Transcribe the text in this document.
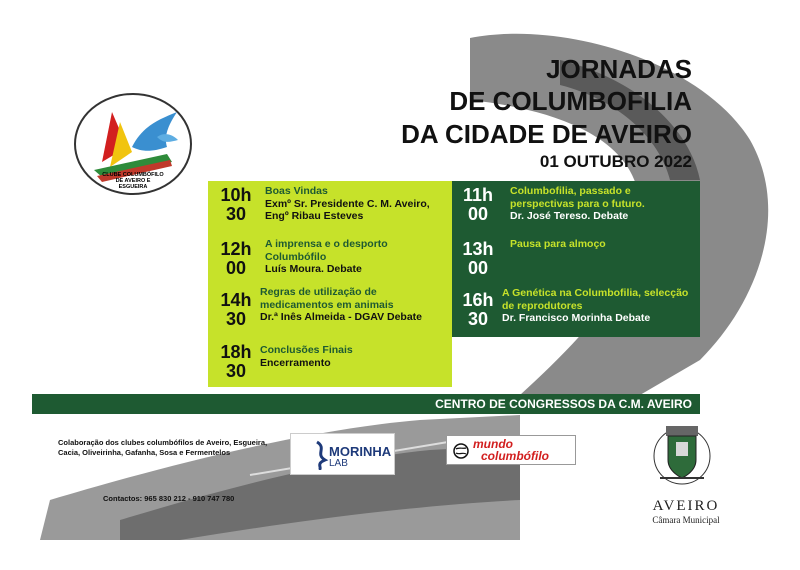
JORNADAS
DE COLUMBOFILIA
DA CIDADE DE AVEIRO
01 OUTUBRO 2022
CLUBE COLUMBÓFILO DE AVEIRO E ESGUEIRA	10h
30
Boas Vindas
Exmº Sr. Presidente C. M. Aveiro, Engº Ribau Esteves
11h
00
Columbofilia, passado e perspectivas para o futuro.
Dr. José Tereso. Debate
12h
00
A imprensa e o desporto Columbófilo
Luís Moura. Debate
13h
00
Pausa para almoço
14h
30
Regras de utilização de medicamentos em animais
Dr.ª Inês Almeida - DGAV Debate
16h
30
A Genética na Columbofilia, selecção de reprodutores
Dr. Francisco Morinha Debate
18h
30
Conclusões Finais
Encerramento
CENTRO DE CONGRESSOS DA C.M. AVEIRO
Colaboração dos clubes columbófilos de Aveiro, Esgueira, Cacia, Oliveirinha, Gafanha, Sosa e Fermentelos
Contactos: 965 830 212 - 910 747 780
MORINHA
LAB
mundo
columbófilo
AVEIRO
Câmara Municipal
